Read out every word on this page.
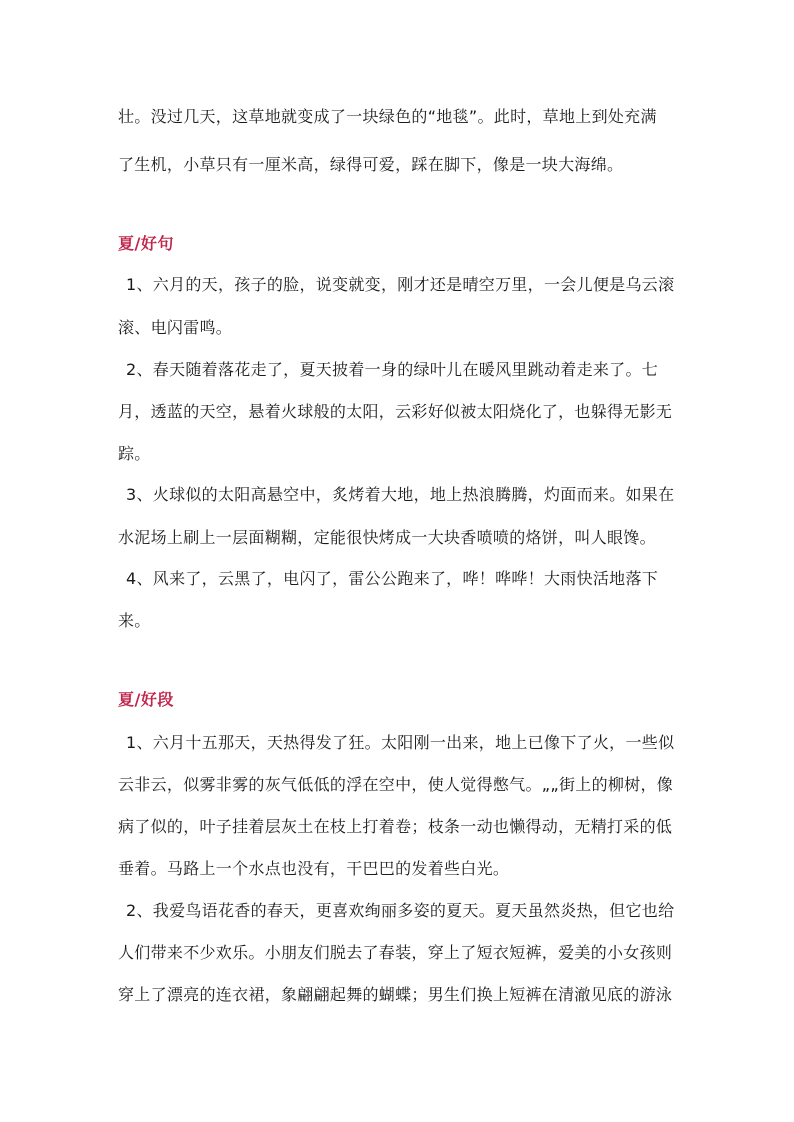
壮。没过几天，这草地就变成了一块绿色的“地毯”。此时，草地上到处充满
了生机，小草只有一厘米高，绿得可爱，踩在脚下，像是一块大海绵。
夏/好句
1、六月的天，孩子的脸，说变就变，刚才还是晴空万里，一会儿便是乌云滚
滚、电闪雷鸣。
2、春天随着落花走了，夏天披着一身的绿叶儿在暖风里跳动着走来了。七
月，透蓝的天空，悬着火球般的太阳，云彩好似被太阳烧化了，也躲得无影无
踪。
3、火球似的太阳高悬空中，炙烤着大地，地上热浪腾腾，灼面而来。如果在
水泥场上刷上一层面糊糊，定能很快烤成一大块香喷喷的烙饼，叫人眼馋。
4、风来了，云黑了，电闪了，雷公公跑来了，哗！哗哗！大雨快活地落下
来。
夏/好段
1、六月十五那天，天热得发了狂。太阳刚一出来，地上已像下了火，一些似
云非云，似雾非雾的灰气低低的浮在空中，使人觉得憋气。„„街上的柳树，像
病了似的，叶子挂着层灰土在枝上打着卷；枝条一动也懒得动，无精打采的低
垂着。马路上一个水点也没有，干巴巴的发着些白光。
2、我爱鸟语花香的春天，更喜欢绚丽多姿的夏天。夏天虽然炎热，但它也给
人们带来不少欢乐。小朋友们脱去了春装，穿上了短衣短裤，爱美的小女孩则
穿上了漂亮的连衣裙，象翩翩起舞的蝴蝶；男生们换上短裤在清澈见底的游泳
